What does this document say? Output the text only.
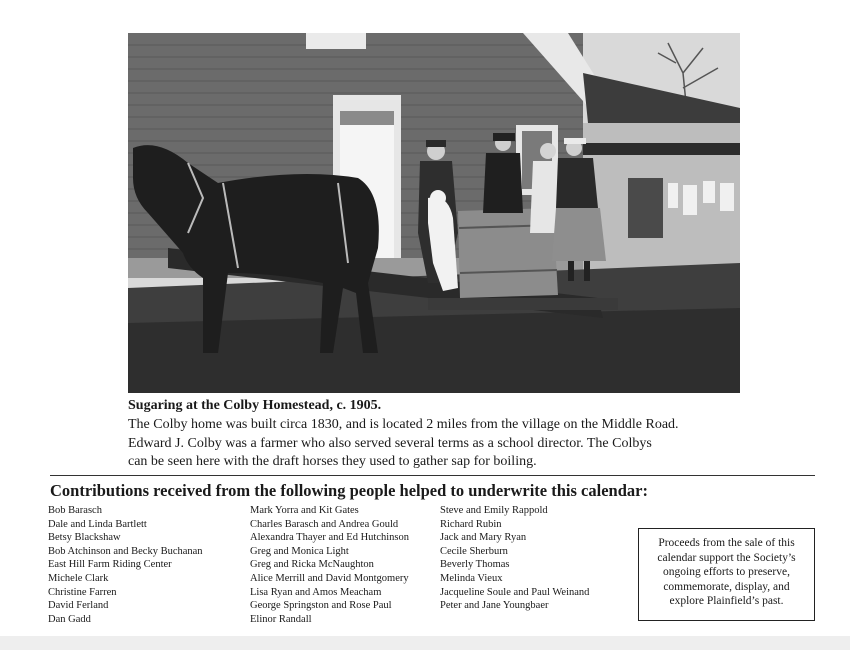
Sugaring at the Colby Homestead, c. 1905.
The Colby home was built circa 1830, and is located 2 miles from the village on the Middle Road.
Edward J. Colby was a farmer who also served several terms as a school director. The Colbys
can be seen here with the draft horses they used to gather sap for boiling.
Contributions received from the following people helped to underwrite this calendar:
Bob Barasch
Dale and Linda Bartlett
Betsy Blackshaw
Bob Atchinson and Becky Buchanan
East Hill Farm Riding Center
Michele Clark
Christine Farren
David Ferland
Dan Gadd
Mark Yorra and Kit Gates
Charles Barasch and Andrea Gould
Alexandra Thayer and Ed Hutchinson
Greg and Monica Light
Greg and Ricka McNaughton
Alice Merrill and David Montgomery
Lisa Ryan and Amos Meacham
George Springston and Rose Paul
Elinor Randall
Steve and Emily Rappold
Richard Rubin
Jack and Mary Ryan
Cecile Sherburn
Beverly Thomas
Melinda Vieux
Jacqueline Soule and Paul Weinand
Peter and Jane Youngbaer
Proceeds from the sale of this
calendar support the Society’s
ongoing efforts to preserve,
commemorate, display, and
explore Plainfield’s past.
